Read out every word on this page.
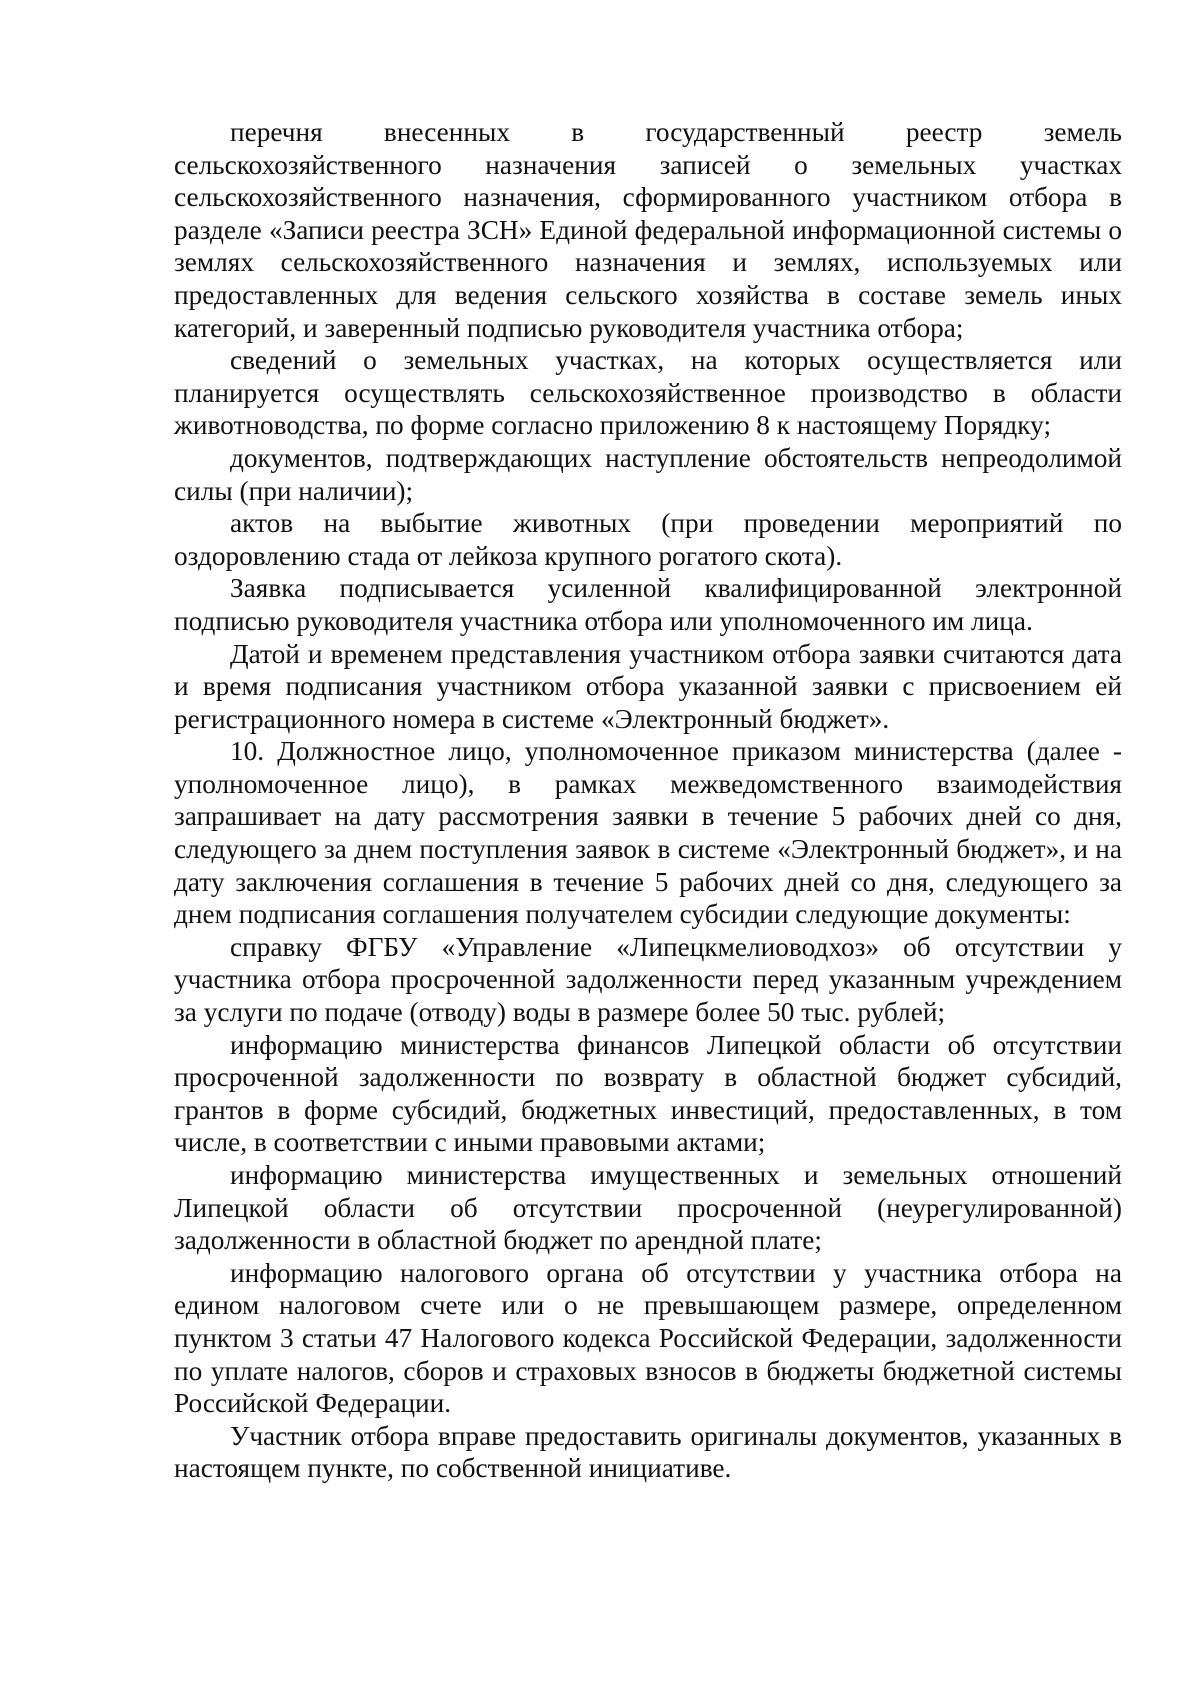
перечня внесенных в государственный реестр земель сельскохозяйственного назначения записей о земельных участках сельскохозяйственного назначения, сформированного участником отбора в разделе «Записи реестра ЗСН» Единой федеральной информационной системы о землях сельскохозяйственного назначения и землях, используемых или предоставленных для ведения сельского хозяйства в составе земель иных категорий, и заверенный подписью руководителя участника отбора;

сведений о земельных участках, на которых осуществляется или планируется осуществлять сельскохозяйственное производство в области животноводства, по форме согласно приложению 8 к настоящему Порядку;

документов, подтверждающих наступление обстоятельств непреодолимой силы (при наличии);

актов на выбытие животных (при проведении мероприятий по оздоровлению стада от лейкоза крупного рогатого скота).

Заявка подписывается усиленной квалифицированной электронной подписью руководителя участника отбора или уполномоченного им лица.

Датой и временем представления участником отбора заявки считаются дата и время подписания участником отбора указанной заявки с присвоением ей регистрационного номера в системе «Электронный бюджет».

10. Должностное лицо, уполномоченное приказом министерства (далее - уполномоченное лицо), в рамках межведомственного взаимодействия запрашивает на дату рассмотрения заявки в течение 5 рабочих дней со дня, следующего за днем поступления заявок в системе «Электронный бюджет», и на дату заключения соглашения в течение 5 рабочих дней со дня, следующего за днем подписания соглашения получателем субсидии следующие документы:

справку ФГБУ «Управление «Липецкмелиоводхоз» об отсутствии у участника отбора просроченной задолженности перед указанным учреждением за услуги по подаче (отводу) воды в размере более 50 тыс. рублей;

информацию министерства финансов Липецкой области об отсутствии просроченной задолженности по возврату в областной бюджет субсидий, грантов в форме субсидий, бюджетных инвестиций, предоставленных, в том числе, в соответствии с иными правовыми актами;

информацию министерства имущественных и земельных отношений Липецкой области об отсутствии просроченной (неурегулированной) задолженности в областной бюджет по арендной плате;

информацию налогового органа об отсутствии у участника отбора на едином налоговом счете или о не превышающем размере, определенном пунктом 3 статьи 47 Налогового кодекса Российской Федерации, задолженности по уплате налогов, сборов и страховых взносов в бюджеты бюджетной системы Российской Федерации.

Участник отбора вправе предоставить оригиналы документов, указанных в настоящем пункте, по собственной инициативе.
